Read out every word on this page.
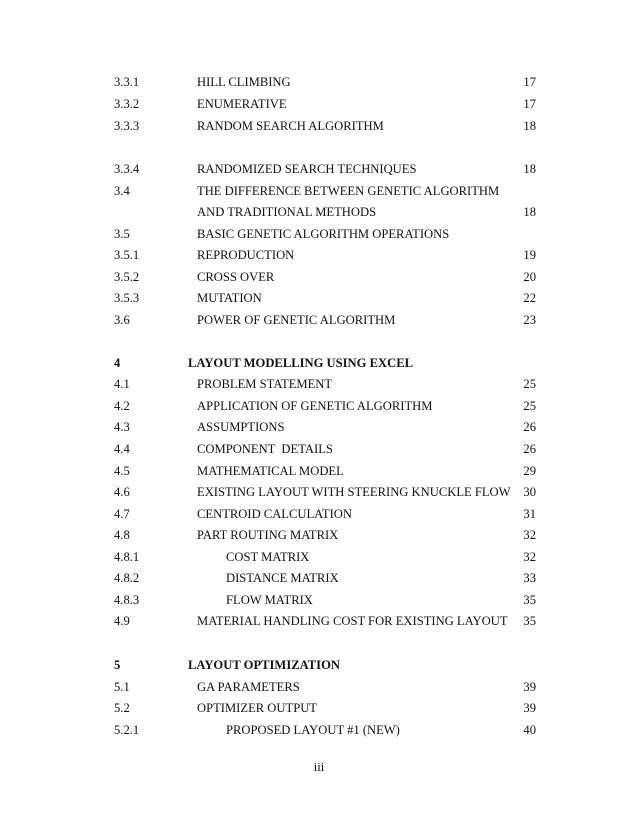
3.3.1	HILL CLIMBING	17
3.3.2	ENUMERATIVE	17
3.3.3	RANDOM SEARCH ALGORITHM	18
3.3.4	RANDOMIZED SEARCH TECHNIQUES	18
3.4	THE DIFFERENCE BETWEEN GENETIC ALGORITHM
AND TRADITIONAL METHODS	18
3.5	BASIC GENETIC ALGORITHM OPERATIONS
3.5.1	REPRODUCTION	19
3.5.2	CROSS OVER	20
3.5.3	MUTATION	22
3.6	POWER OF GENETIC ALGORITHM	23
4	LAYOUT MODELLING USING EXCEL
4.1	PROBLEM STATEMENT	25
4.2	APPLICATION OF GENETIC ALGORITHM	25
4.3	ASSUMPTIONS	26
4.4	COMPONENT  DETAILS	26
4.5	MATHEMATICAL MODEL	29
4.6	EXISTING LAYOUT WITH STEERING KNUCKLE FLOW 30
4.7	CENTROID CALCULATION	31
4.8	PART ROUTING MATRIX	32
4.8.1	COST MATRIX	32
4.8.2	DISTANCE MATRIX	33
4.8.3	FLOW MATRIX	35
4.9	MATERIAL HANDLING COST FOR EXISTING LAYOUT 35
5	LAYOUT OPTIMIZATION
5.1	GA PARAMETERS	39
5.2	OPTIMIZER OUTPUT	39
5.2.1	PROPOSED LAYOUT #1 (NEW)	40
iii
